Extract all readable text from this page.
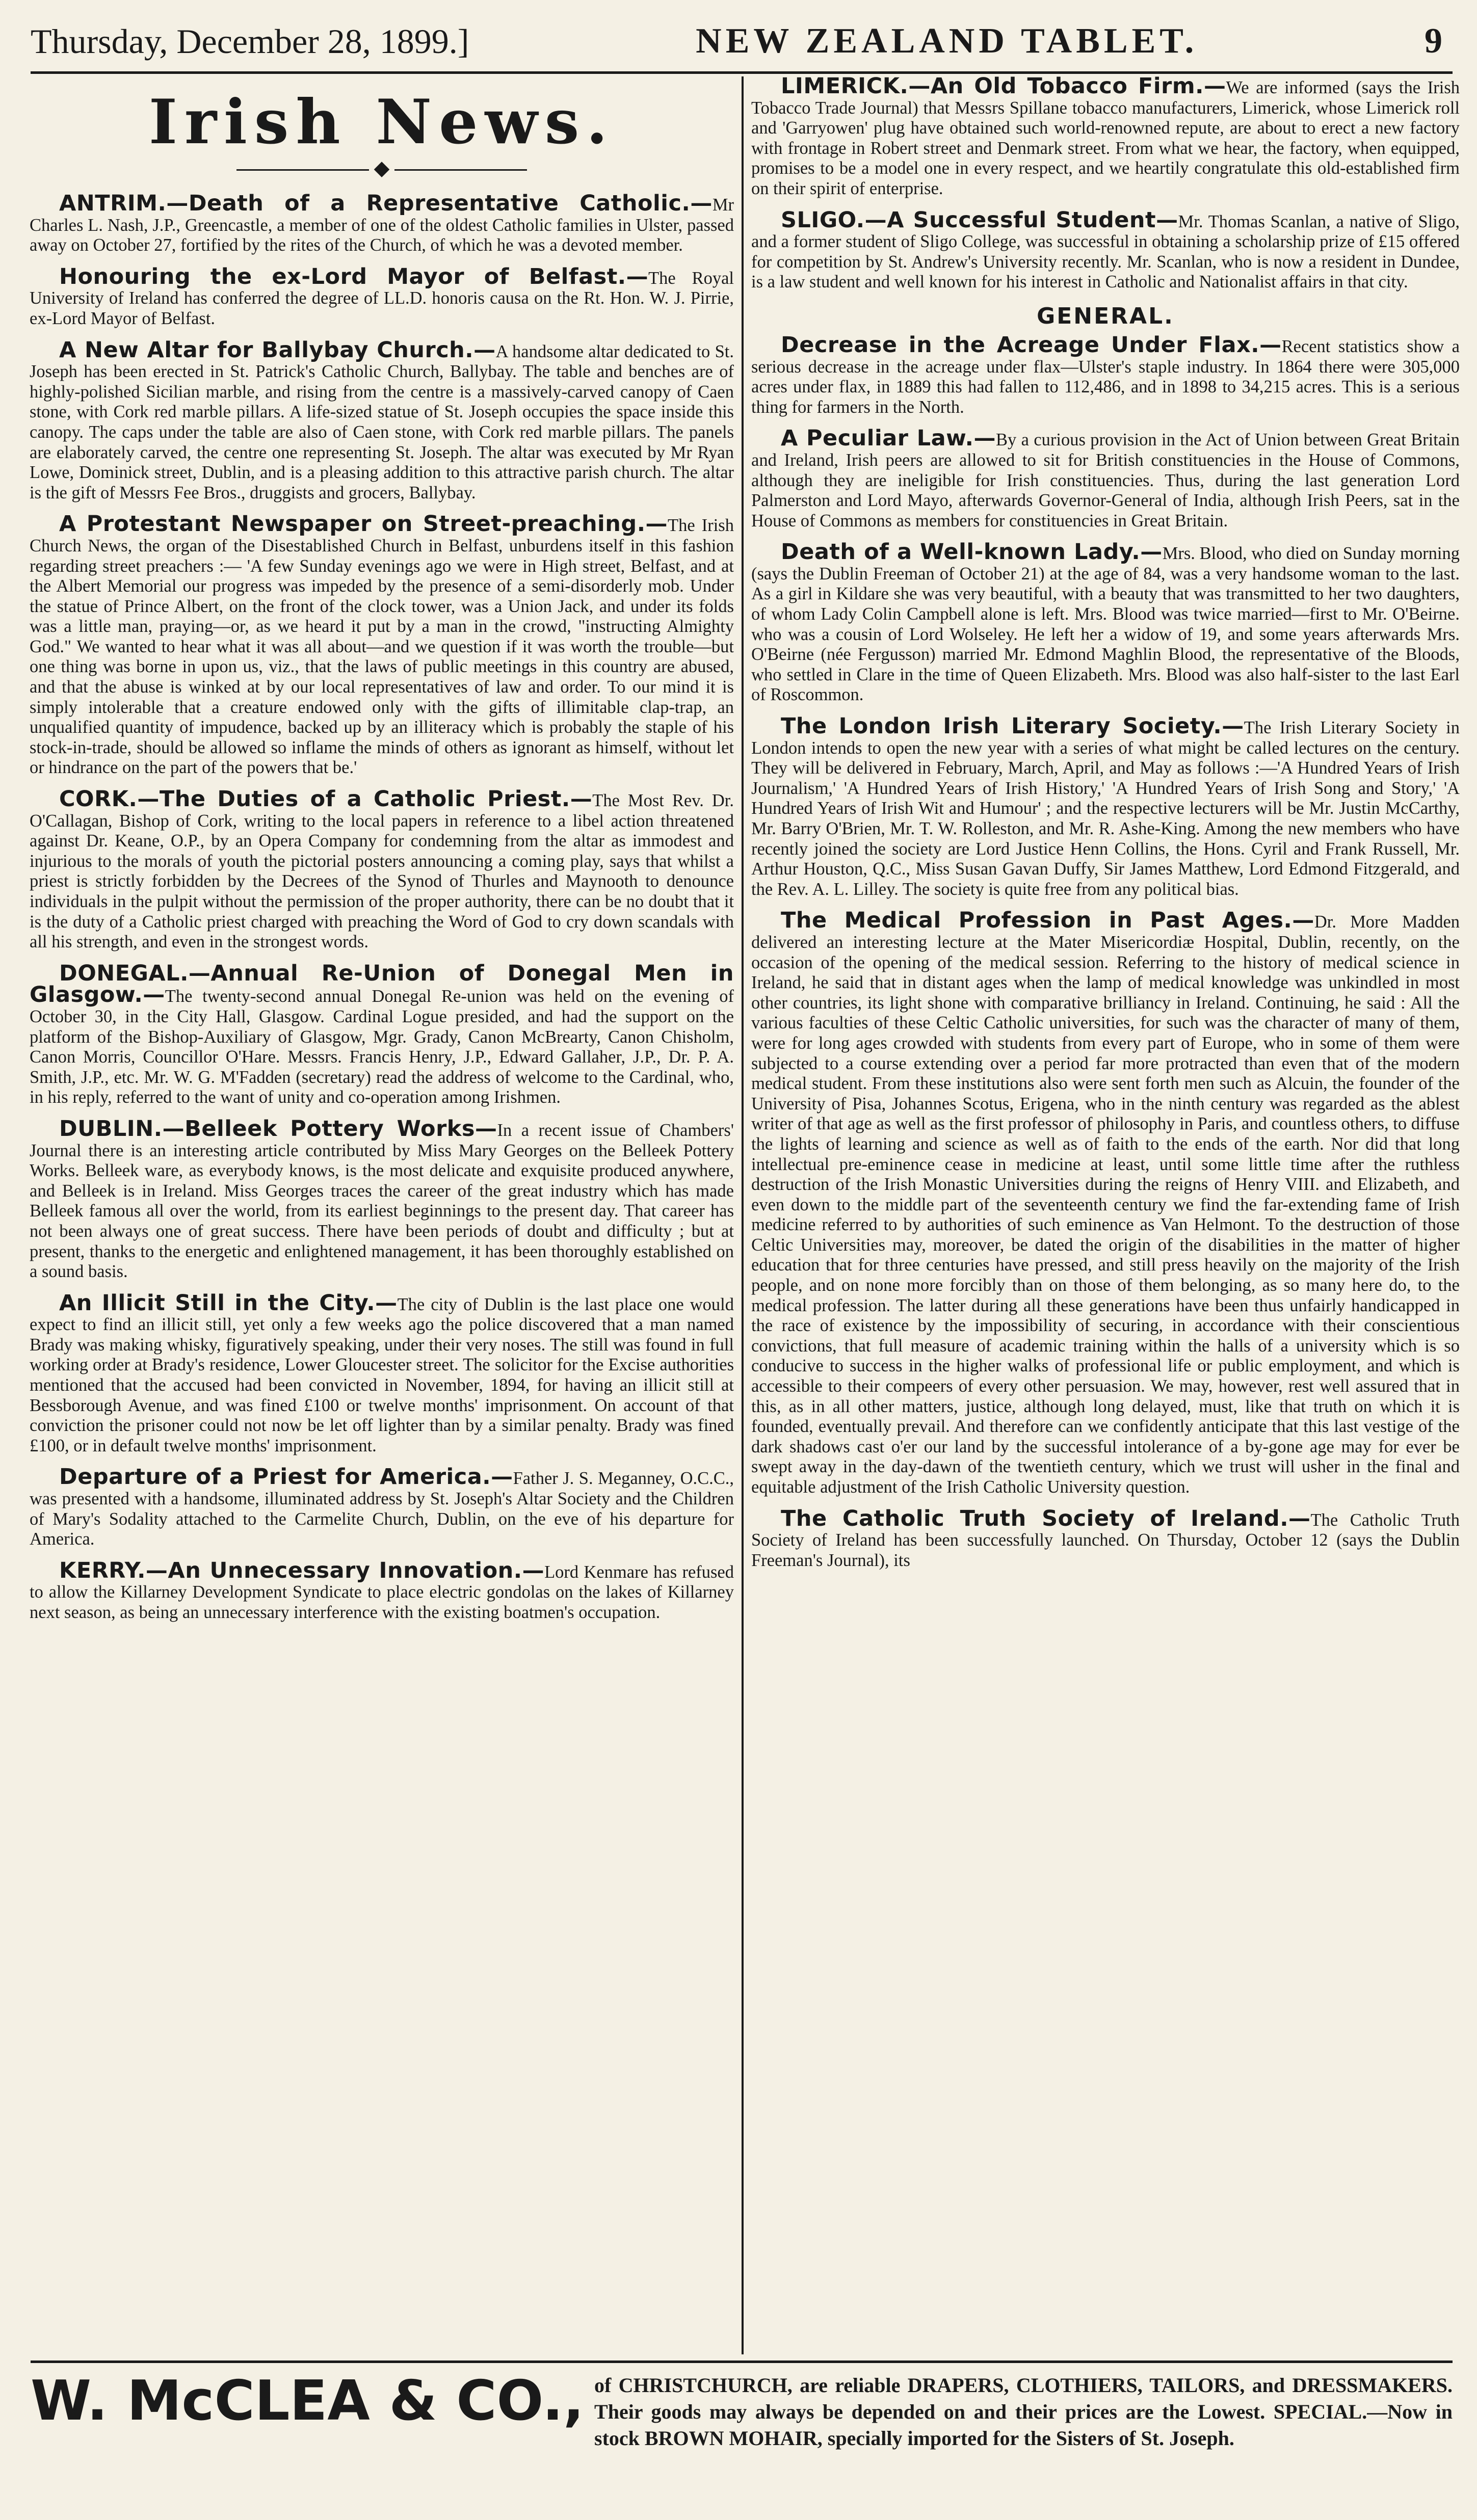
Thursday, December 28, 1899.]	NEW ZEALAND TABLET.	9
Irish News.
◆

ANTRIM.—Death of a Representative Catholic.—Mr Charles L. Nash, J.P., Greencastle, a member of one of the oldest Catholic families in Ulster, passed away on October 27, fortified by the rites of the Church, of which he was a devoted member.

Honouring the ex-Lord Mayor of Belfast.—The Royal University of Ireland has conferred the degree of LL.D. honoris causa on the Rt. Hon. W. J. Pirrie, ex-Lord Mayor of Belfast.

A New Altar for Ballybay Church.—A handsome altar dedicated to St. Joseph has been erected in St. Patrick's Catholic Church, Ballybay. The table and benches are of highly-polished Sicilian marble, and rising from the centre is a massively-carved canopy of Caen stone, with Cork red marble pillars. A life-sized statue of St. Joseph occupies the space inside this canopy. The caps under the table are also of Caen stone, with Cork red marble pillars. The panels are elaborately carved, the centre one representing St. Joseph. The altar was executed by Mr Ryan Lowe, Dominick street, Dublin, and is a pleasing addition to this attractive parish church. The altar is the gift of Messrs Fee Bros., druggists and grocers, Ballybay.

A Protestant Newspaper on Street-preaching.—The Irish Church News, the organ of the Disestablished Church in Belfast, unburdens itself in this fashion regarding street preachers :— 'A few Sunday evenings ago we were in High street, Belfast, and at the Albert Memorial our progress was impeded by the presence of a semi-disorderly mob. Under the statue of Prince Albert, on the front of the clock tower, was a Union Jack, and under its folds was a little man, praying—or, as we heard it put by a man in the crowd, "instructing Almighty God." We wanted to hear what it was all about—and we question if it was worth the trouble—but one thing was borne in upon us, viz., that the laws of public meetings in this country are abused, and that the abuse is winked at by our local representatives of law and order. To our mind it is simply intolerable that a creature endowed only with the gifts of illimitable clap-trap, an unqualified quantity of impudence, backed up by an illiteracy which is probably the staple of his stock-in-trade, should be allowed so inflame the minds of others as ignorant as himself, without let or hindrance on the part of the powers that be.'

CORK.—The Duties of a Catholic Priest.—The Most Rev. Dr. O'Callagan, Bishop of Cork, writing to the local papers in reference to a libel action threatened against Dr. Keane, O.P., by an Opera Company for condemning from the altar as immodest and injurious to the morals of youth the pictorial posters announcing a coming play, says that whilst a priest is strictly forbidden by the Decrees of the Synod of Thurles and Maynooth to denounce individuals in the pulpit without the permission of the proper authority, there can be no doubt that it is the duty of a Catholic priest charged with preaching the Word of God to cry down scandals with all his strength, and even in the strongest words.

DONEGAL.—Annual Re-Union of Donegal Men in Glasgow.—The twenty-second annual Donegal Re-union was held on the evening of October 30, in the City Hall, Glasgow. Cardinal Logue presided, and had the support on the platform of the Bishop-Auxiliary of Glasgow, Mgr. Grady, Canon McBrearty, Canon Chisholm, Canon Morris, Councillor O'Hare. Messrs. Francis Henry, J.P., Edward Gallaher, J.P., Dr. P. A. Smith, J.P., etc. Mr. W. G. M'Fadden (secretary) read the address of welcome to the Cardinal, who, in his reply, referred to the want of unity and co-operation among Irishmen.

DUBLIN.—Belleek Pottery Works—In a recent issue of Chambers' Journal there is an interesting article contributed by Miss Mary Georges on the Belleek Pottery Works. Belleek ware, as everybody knows, is the most delicate and exquisite produced anywhere, and Belleek is in Ireland. Miss Georges traces the career of the great industry which has made Belleek famous all over the world, from its earliest beginnings to the present day. That career has not been always one of great success. There have been periods of doubt and difficulty ; but at present, thanks to the energetic and enlightened management, it has been thoroughly established on a sound basis.

An Illicit Still in the City.—The city of Dublin is the last place one would expect to find an illicit still, yet only a few weeks ago the police discovered that a man named Brady was making whisky, figuratively speaking, under their very noses. The still was found in full working order at Brady's residence, Lower Gloucester street. The solicitor for the Excise authorities mentioned that the accused had been convicted in November, 1894, for having an illicit still at Bessborough Avenue, and was fined £100 or twelve months' imprisonment. On account of that conviction the prisoner could not now be let off lighter than by a similar penalty. Brady was fined £100, or in default twelve months' imprisonment.

Departure of a Priest for America.—Father J. S. Meganney, O.C.C., was presented with a handsome, illuminated address by St. Joseph's Altar Society and the Children of Mary's Sodality attached to the Carmelite Church, Dublin, on the eve of his departure for America.

KERRY.—An Unnecessary Innovation.—Lord Kenmare has refused to allow the Killarney Development Syndicate to place electric gondolas on the lakes of Killarney next season, as being an unnecessary interference with the existing boatmen's occupation.

LIMERICK.—An Old Tobacco Firm.—We are informed (says the Irish Tobacco Trade Journal) that Messrs Spillane tobacco manufacturers, Limerick, whose Limerick roll and 'Garryowen' plug have obtained such world-renowned repute, are about to erect a new factory with frontage in Robert street and Denmark street. From what we hear, the factory, when equipped, promises to be a model one in every respect, and we heartily congratulate this old-established firm on their spirit of enterprise.

SLIGO.—A Successful Student—Mr. Thomas Scanlan, a native of Sligo, and a former student of Sligo College, was successful in obtaining a scholarship prize of £15 offered for competition by St. Andrew's University recently. Mr. Scanlan, who is now a resident in Dundee, is a law student and well known for his interest in Catholic and Nationalist affairs in that city.

GENERAL.

Decrease in the Acreage Under Flax.—Recent statistics show a serious decrease in the acreage under flax—Ulster's staple industry. In 1864 there were 305,000 acres under flax, in 1889 this had fallen to 112,486, and in 1898 to 34,215 acres. This is a serious thing for farmers in the North.

A Peculiar Law.—By a curious provision in the Act of Union between Great Britain and Ireland, Irish peers are allowed to sit for British constituencies in the House of Commons, although they are ineligible for Irish constituencies. Thus, during the last generation Lord Palmerston and Lord Mayo, afterwards Governor-General of India, although Irish Peers, sat in the House of Commons as members for constituencies in Great Britain.

Death of a Well-known Lady.—Mrs. Blood, who died on Sunday morning (says the Dublin Freeman of October 21) at the age of 84, was a very handsome woman to the last. As a girl in Kildare she was very beautiful, with a beauty that was transmitted to her two daughters, of whom Lady Colin Campbell alone is left. Mrs. Blood was twice married—first to Mr. O'Beirne. who was a cousin of Lord Wolseley. He left her a widow of 19, and some years afterwards Mrs. O'Beirne (née Fergusson) married Mr. Edmond Maghlin Blood, the representative of the Bloods, who settled in Clare in the time of Queen Elizabeth. Mrs. Blood was also half-sister to the last Earl of Roscommon.

The London Irish Literary Society.—The Irish Literary Society in London intends to open the new year with a series of what might be called lectures on the century. They will be delivered in February, March, April, and May as follows :—'A Hundred Years of Irish Journalism,' 'A Hundred Years of Irish History,' 'A Hundred Years of Irish Song and Story,' 'A Hundred Years of Irish Wit and Humour' ; and the respective lecturers will be Mr. Justin McCarthy, Mr. Barry O'Brien, Mr. T. W. Rolleston, and Mr. R. Ashe-King. Among the new members who have recently joined the society are Lord Justice Henn Collins, the Hons. Cyril and Frank Russell, Mr. Arthur Houston, Q.C., Miss Susan Gavan Duffy, Sir James Matthew, Lord Edmond Fitzgerald, and the Rev. A. L. Lilley. The society is quite free from any political bias.

The Medical Profession in Past Ages.—Dr. More Madden delivered an interesting lecture at the Mater Misericordiæ Hospital, Dublin, recently, on the occasion of the opening of the medical session. Referring to the history of medical science in Ireland, he said that in distant ages when the lamp of medical knowledge was unkindled in most other countries, its light shone with comparative brilliancy in Ireland. Continuing, he said : All the various faculties of these Celtic Catholic universities, for such was the character of many of them, were for long ages crowded with students from every part of Europe, who in some of them were subjected to a course extending over a period far more protracted than even that of the modern medical student. From these institutions also were sent forth men such as Alcuin, the founder of the University of Pisa, Johannes Scotus, Erigena, who in the ninth century was regarded as the ablest writer of that age as well as the first professor of philosophy in Paris, and countless others, to diffuse the lights of learning and science as well as of faith to the ends of the earth. Nor did that long intellectual pre-eminence cease in medicine at least, until some little time after the ruthless destruction of the Irish Monastic Universities during the reigns of Henry VIII. and Elizabeth, and even down to the middle part of the seventeenth century we find the far-extending fame of Irish medicine referred to by authorities of such eminence as Van Helmont. To the destruction of those Celtic Universities may, moreover, be dated the origin of the disabilities in the matter of higher education that for three centuries have pressed, and still press heavily on the majority of the Irish people, and on none more forcibly than on those of them belonging, as so many here do, to the medical profession. The latter during all these generations have been thus unfairly handicapped in the race of existence by the impossibility of securing, in accordance with their conscientious convictions, that full measure of academic training within the halls of a university which is so conducive to success in the higher walks of professional life or public employment, and which is accessible to their compeers of every other persuasion. We may, however, rest well assured that in this, as in all other matters, justice, although long delayed, must, like that truth on which it is founded, eventually prevail. And therefore can we confidently anticipate that this last vestige of the dark shadows cast o'er our land by the successful intolerance of a by-gone age may for ever be swept away in the day-dawn of the twentieth century, which we trust will usher in the final and equitable adjustment of the Irish Catholic University question.

The Catholic Truth Society of Ireland.—The Catholic Truth Society of Ireland has been successfully launched. On Thursday, October 12 (says the Dublin Freeman's Journal), its

W. McCLEA & CO., of CHRISTCHURCH, are reliable DRAPERS, CLOTHIERS, TAILORS, and DRESSMAKERS. Their goods may always be depended on and their prices are the Lowest. SPECIAL.—Now in stock BROWN MOHAIR, specially imported for the Sisters of St. Joseph.
